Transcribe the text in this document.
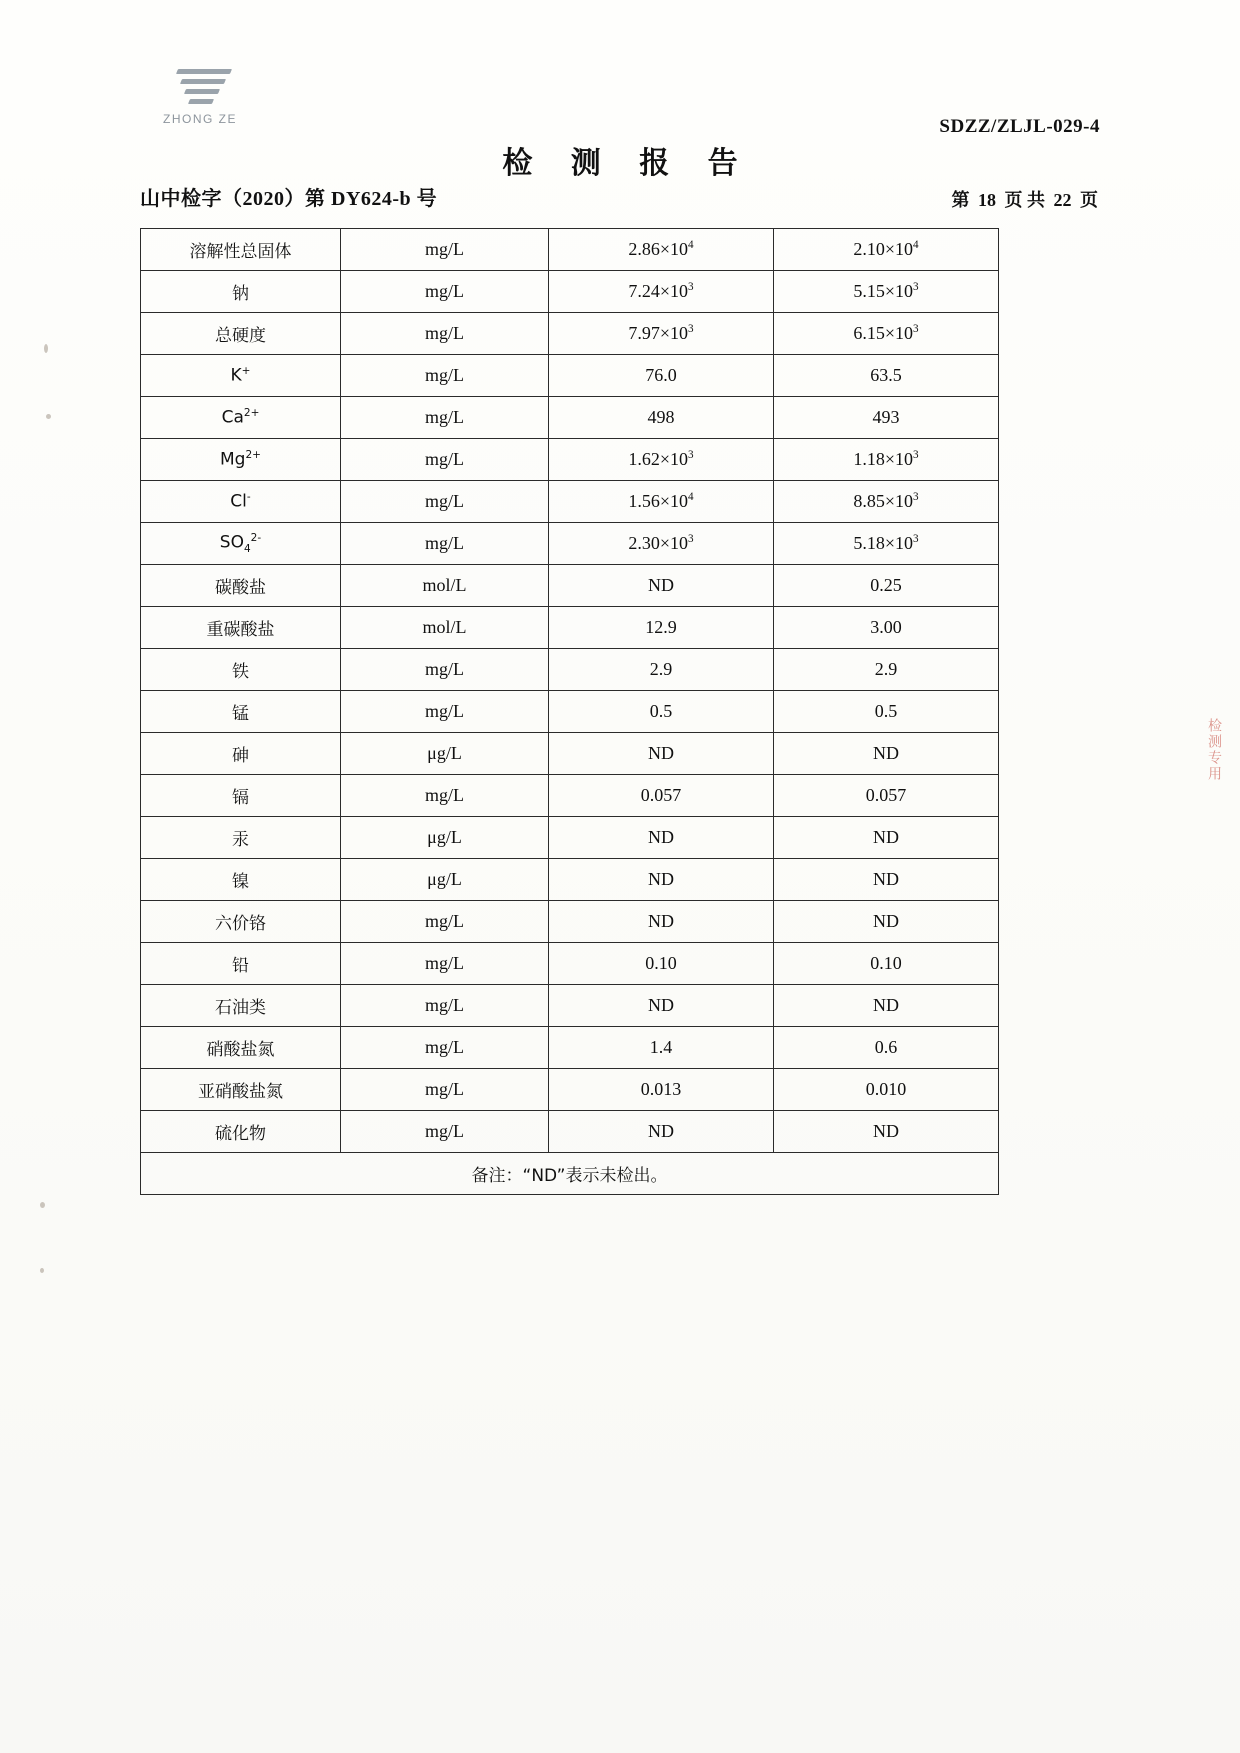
ZHONG ZE	SDZZ/ZLJL-029-4
检 测 报 告
山中检字（2020）第 DY624-b 号	第 18 页 共 22 页
溶解性总固体	mg/L	$2.86\times 10^4$	$2.10\times 10^4$
钠	mg/L	$7.24\times 10^3$	$5.15\times 10^3$
总硬度	mg/L	$7.97\times 10^3$	$6.15\times 10^3$
K+	mg/L	76.0	63.5
$Ca^{2+}$	mg/L	498	493
$Mg^{2+}$	mg/L	$1.62\times 10^3$	$1.18\times 10^3$
Cl-	mg/L	$1.56\times 10^4$	$8.85\times 10^3$
$SO_4^{2-}$	mg/L	$2.30\times 10^3$	$5.18\times 10^3$
碳酸盐	mol/L	ND	0.25
重碳酸盐	mol/L	12.9	3.00
铁	mg/L	2.9	2.9
锰	mg/L	0.5	0.5
砷	μg/L	ND	ND
镉	mg/L	0.057	0.057
汞	μg/L	ND	ND
镍	μg/L	ND	ND
六价铬	mg/L	ND	ND
铅	mg/L	0.10	0.10
石油类	mg/L	ND	ND
硝酸盐氮	mg/L	1.4	0.6
亚硝酸盐氮	mg/L	0.013	0.010
硫化物	mg/L	ND	ND
备注：“ND”表示未检出。			
检测专用
